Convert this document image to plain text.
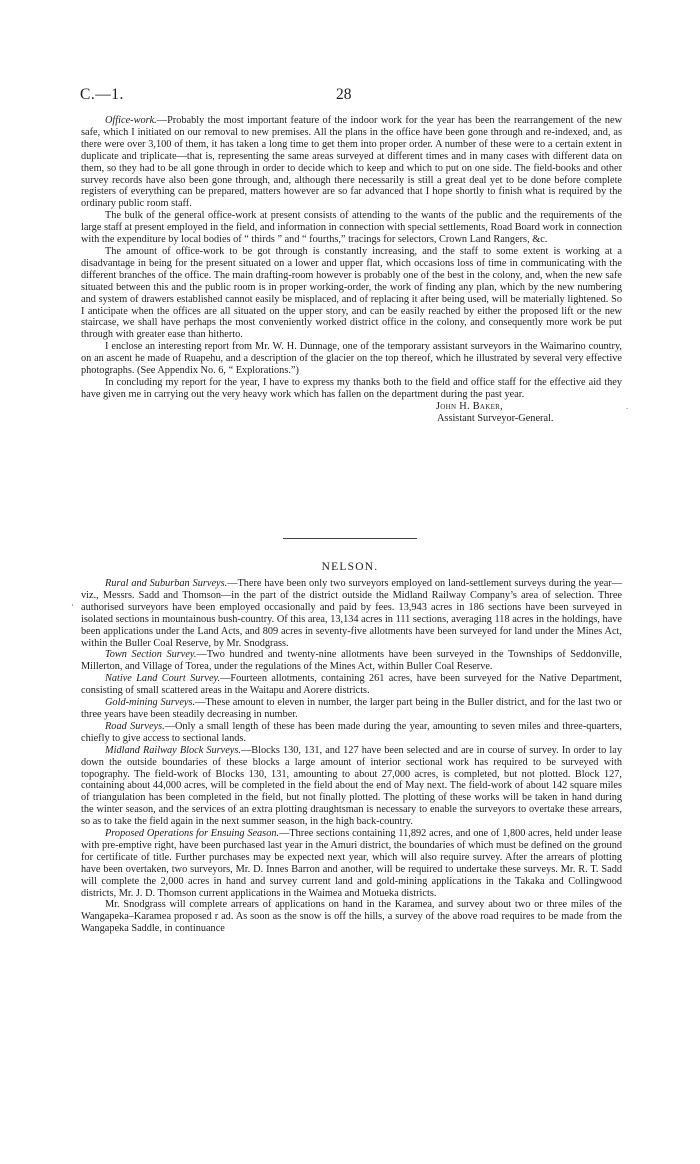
C.—1.	28

Office-work.—Probably the most important feature of the indoor work for the year has been the rearrangement of the new safe, which I initiated on our removal to new premises. All the plans in the office have been gone through and re-indexed, and, as there were over 3,100 of them, it has taken a long time to get them into proper order. A number of these were to a certain extent in duplicate and triplicate—that is, representing the same areas surveyed at different times and in many cases with different data on them, so they had to be all gone through in order to decide which to keep and which to put on one side. The field-books and other survey records have also been gone through, and, although there necessarily is still a great deal yet to be done before complete registers of everything can be prepared, matters however are so far advanced that I hope shortly to finish what is required by the ordinary public room staff.

The bulk of the general office-work at present consists of attending to the wants of the public and the requirements of the large staff at present employed in the field, and information in connection with special settlements, Road Board work in connection with the expenditure by local bodies of “ thirds ” and “ fourths,” tracings for selectors, Crown Land Rangers, &c.

The amount of office-work to be got through is constantly increasing, and the staff to some extent is working at a disadvantage in being for the present situated on a lower and upper flat, which occasions loss of time in communicating with the different branches of the office. The main drafting-room however is probably one of the best in the colony, and, when the new safe situated between this and the public room is in proper working-order, the work of finding any plan, which by the new numbering and system of drawers established cannot easily be misplaced, and of replacing it after being used, will be materially lightened. So I anticipate when the offices are all situated on the upper story, and can be easily reached by either the proposed lift or the new staircase, we shall have perhaps the most conveniently worked district office in the colony, and consequently more work be put through with greater ease than hitherto.

I enclose an interesting report from Mr. W. H. Dunnage, one of the temporary assistant surveyors in the Waimarino country, on an ascent he made of Ruapehu, and a description of the glacier on the top thereof, which he illustrated by several very effective photographs. (See Appendix No. 6, “ Explorations.”)

In concluding my report for the year, I have to express my thanks both to the field and office staff for the effective aid they have given me in carrying out the very heavy work which has fallen on the department during the past year.

John H. Baker,
Assistant Surveyor-General.

NELSON.

Rural and Suburban Surveys.—There have been only two surveyors employed on land-settlement surveys during the year—viz., Messrs. Sadd and Thomson—in the part of the district outside the Midland Railway Company’s area of selection. Three authorised surveyors have been employed occasionally and paid by fees. 13,943 acres in 186 sections have been surveyed in isolated sections in mountainous bush-country. Of this area, 13,134 acres in 111 sections, averaging 118 acres in the holdings, have been applications under the Land Acts, and 809 acres in seventy-five allotments have been surveyed for land under the Mines Act, within the Buller Coal Reserve, by Mr. Snodgrass.

Town Section Survey.—Two hundred and twenty-nine allotments have been surveyed in the Townships of Seddonville, Millerton, and Village of Torea, under the regulations of the Mines Act, within Buller Coal Reserve.

Native Land Court Survey.—Fourteen allotments, containing 261 acres, have been surveyed for the Native Department, consisting of small scattered areas in the Waitapu and Aorere districts.

Gold-mining Surveys.—These amount to eleven in number, the larger part being in the Buller district, and for the last two or three years have been steadily decreasing in number.

Road Surveys.—Only a small length of these has been made during the year, amounting to seven miles and three-quarters, chiefly to give access to sectional lands.

Midland Railway Block Surveys.—Blocks 130, 131, and 127 have been selected and are in course of survey. In order to lay down the outside boundaries of these blocks a large amount of interior sectional work has required to be surveyed with topography. The field-work of Blocks 130, 131, amounting to about 27,000 acres, is completed, but not plotted. Block 127, containing about 44,000 acres, will be completed in the field about the end of May next. The field-work of about 142 square miles of triangulation has been completed in the field, but not finally plotted. The plotting of these works will be taken in hand during the winter season, and the services of an extra plotting draughtsman is necessary to enable the surveyors to overtake these arrears, so as to take the field again in the next summer season, in the high back-country.

Proposed Operations for Ensuing Season.—Three sections containing 11,892 acres, and one of 1,800 acres, held under lease with pre-emptive right, have been purchased last year in the Amuri district, the boundaries of which must be defined on the ground for certificate of title. Further purchases may be expected next year, which will also require survey. After the arrears of plotting have been overtaken, two surveyors, Mr. D. Innes Barron and another, will be required to undertake these surveys. Mr. R. T. Sadd will complete the 2,000 acres in hand and survey current land and gold-mining applications in the Takaka and Collingwood districts, Mr. J. D. Thomson current applications in the Waimea and Motueka districts.

Mr. Snodgrass will complete arrears of applications on hand in the Karamea, and survey about two or three miles of the Wangapeka–Karamea proposed r ad. As soon as the snow is off the hills, a survey of the above road requires to be made from the Wangapeka Saddle, in continuance

.
‘
